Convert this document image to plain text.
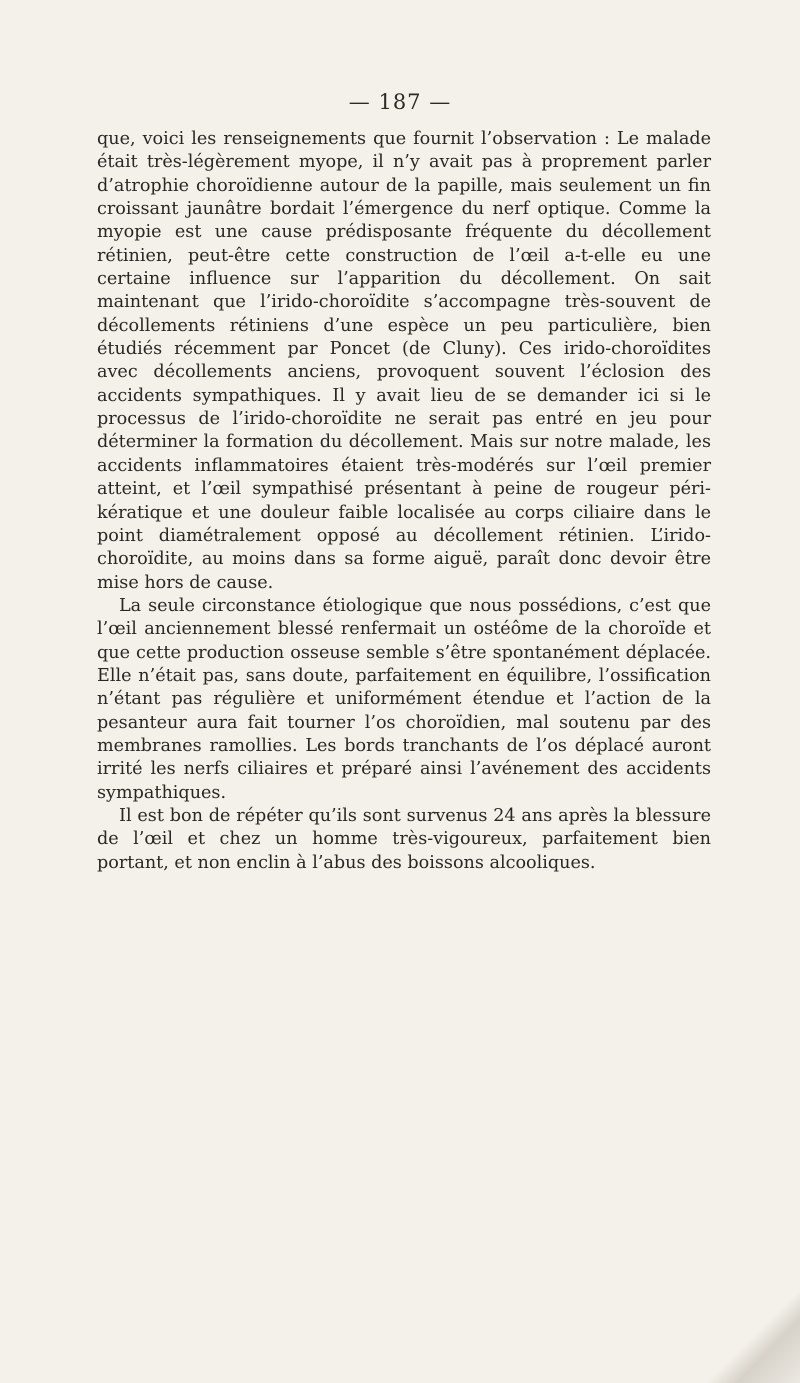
— 187 —

que, voici les renseignements que fournit l’observation : Le malade était très-légèrement myope, il n’y avait pas à proprement parler d’atrophie choroïdienne autour de la papille, mais seulement un fin croissant jaunâtre bordait l’émergence du nerf optique. Comme la myopie est une cause prédisposante fréquente du décollement rétinien, peut-être cette construction de l’œil a-t-elle eu une certaine influence sur l’apparition du décollement. On sait maintenant que l’irido-choroïdite s’accompagne très-souvent de décollements rétiniens d’une espèce un peu particulière, bien étudiés récemment par Poncet (de Cluny). Ces irido-choroïdites avec décollements anciens, provoquent souvent l’éclosion des accidents sympathiques. Il y avait lieu de se demander ici si le processus de l’irido-choroïdite ne serait pas entré en jeu pour déterminer la formation du décollement. Mais sur notre malade, les accidents inflammatoires étaient très-modérés sur l’œil premier atteint, et l’œil sympathisé présentant à peine de rougeur péri-kératique et une douleur faible localisée au corps ciliaire dans le point diamétralement opposé au décollement rétinien. L’irido-choroïdite, au moins dans sa forme aiguë, paraît donc devoir être mise hors de cause.

La seule circonstance étiologique que nous possédions, c’est que l’œil anciennement blessé renfermait un ostéôme de la choroïde et que cette production osseuse semble s’être spontanément déplacée. Elle n’était pas, sans doute, parfaitement en équilibre, l’ossification n’étant pas régulière et uniformément étendue et l’action de la pesanteur aura fait tourner l’os choroïdien, mal soutenu par des membranes ramollies. Les bords tranchants de l’os déplacé auront irrité les nerfs ciliaires et préparé ainsi l’avénement des accidents sympathiques.

Il est bon de répéter qu’ils sont survenus 24 ans après la blessure de l’œil et chez un homme très-vigoureux, parfaitement bien portant, et non enclin à l’abus des boissons alcooliques.
